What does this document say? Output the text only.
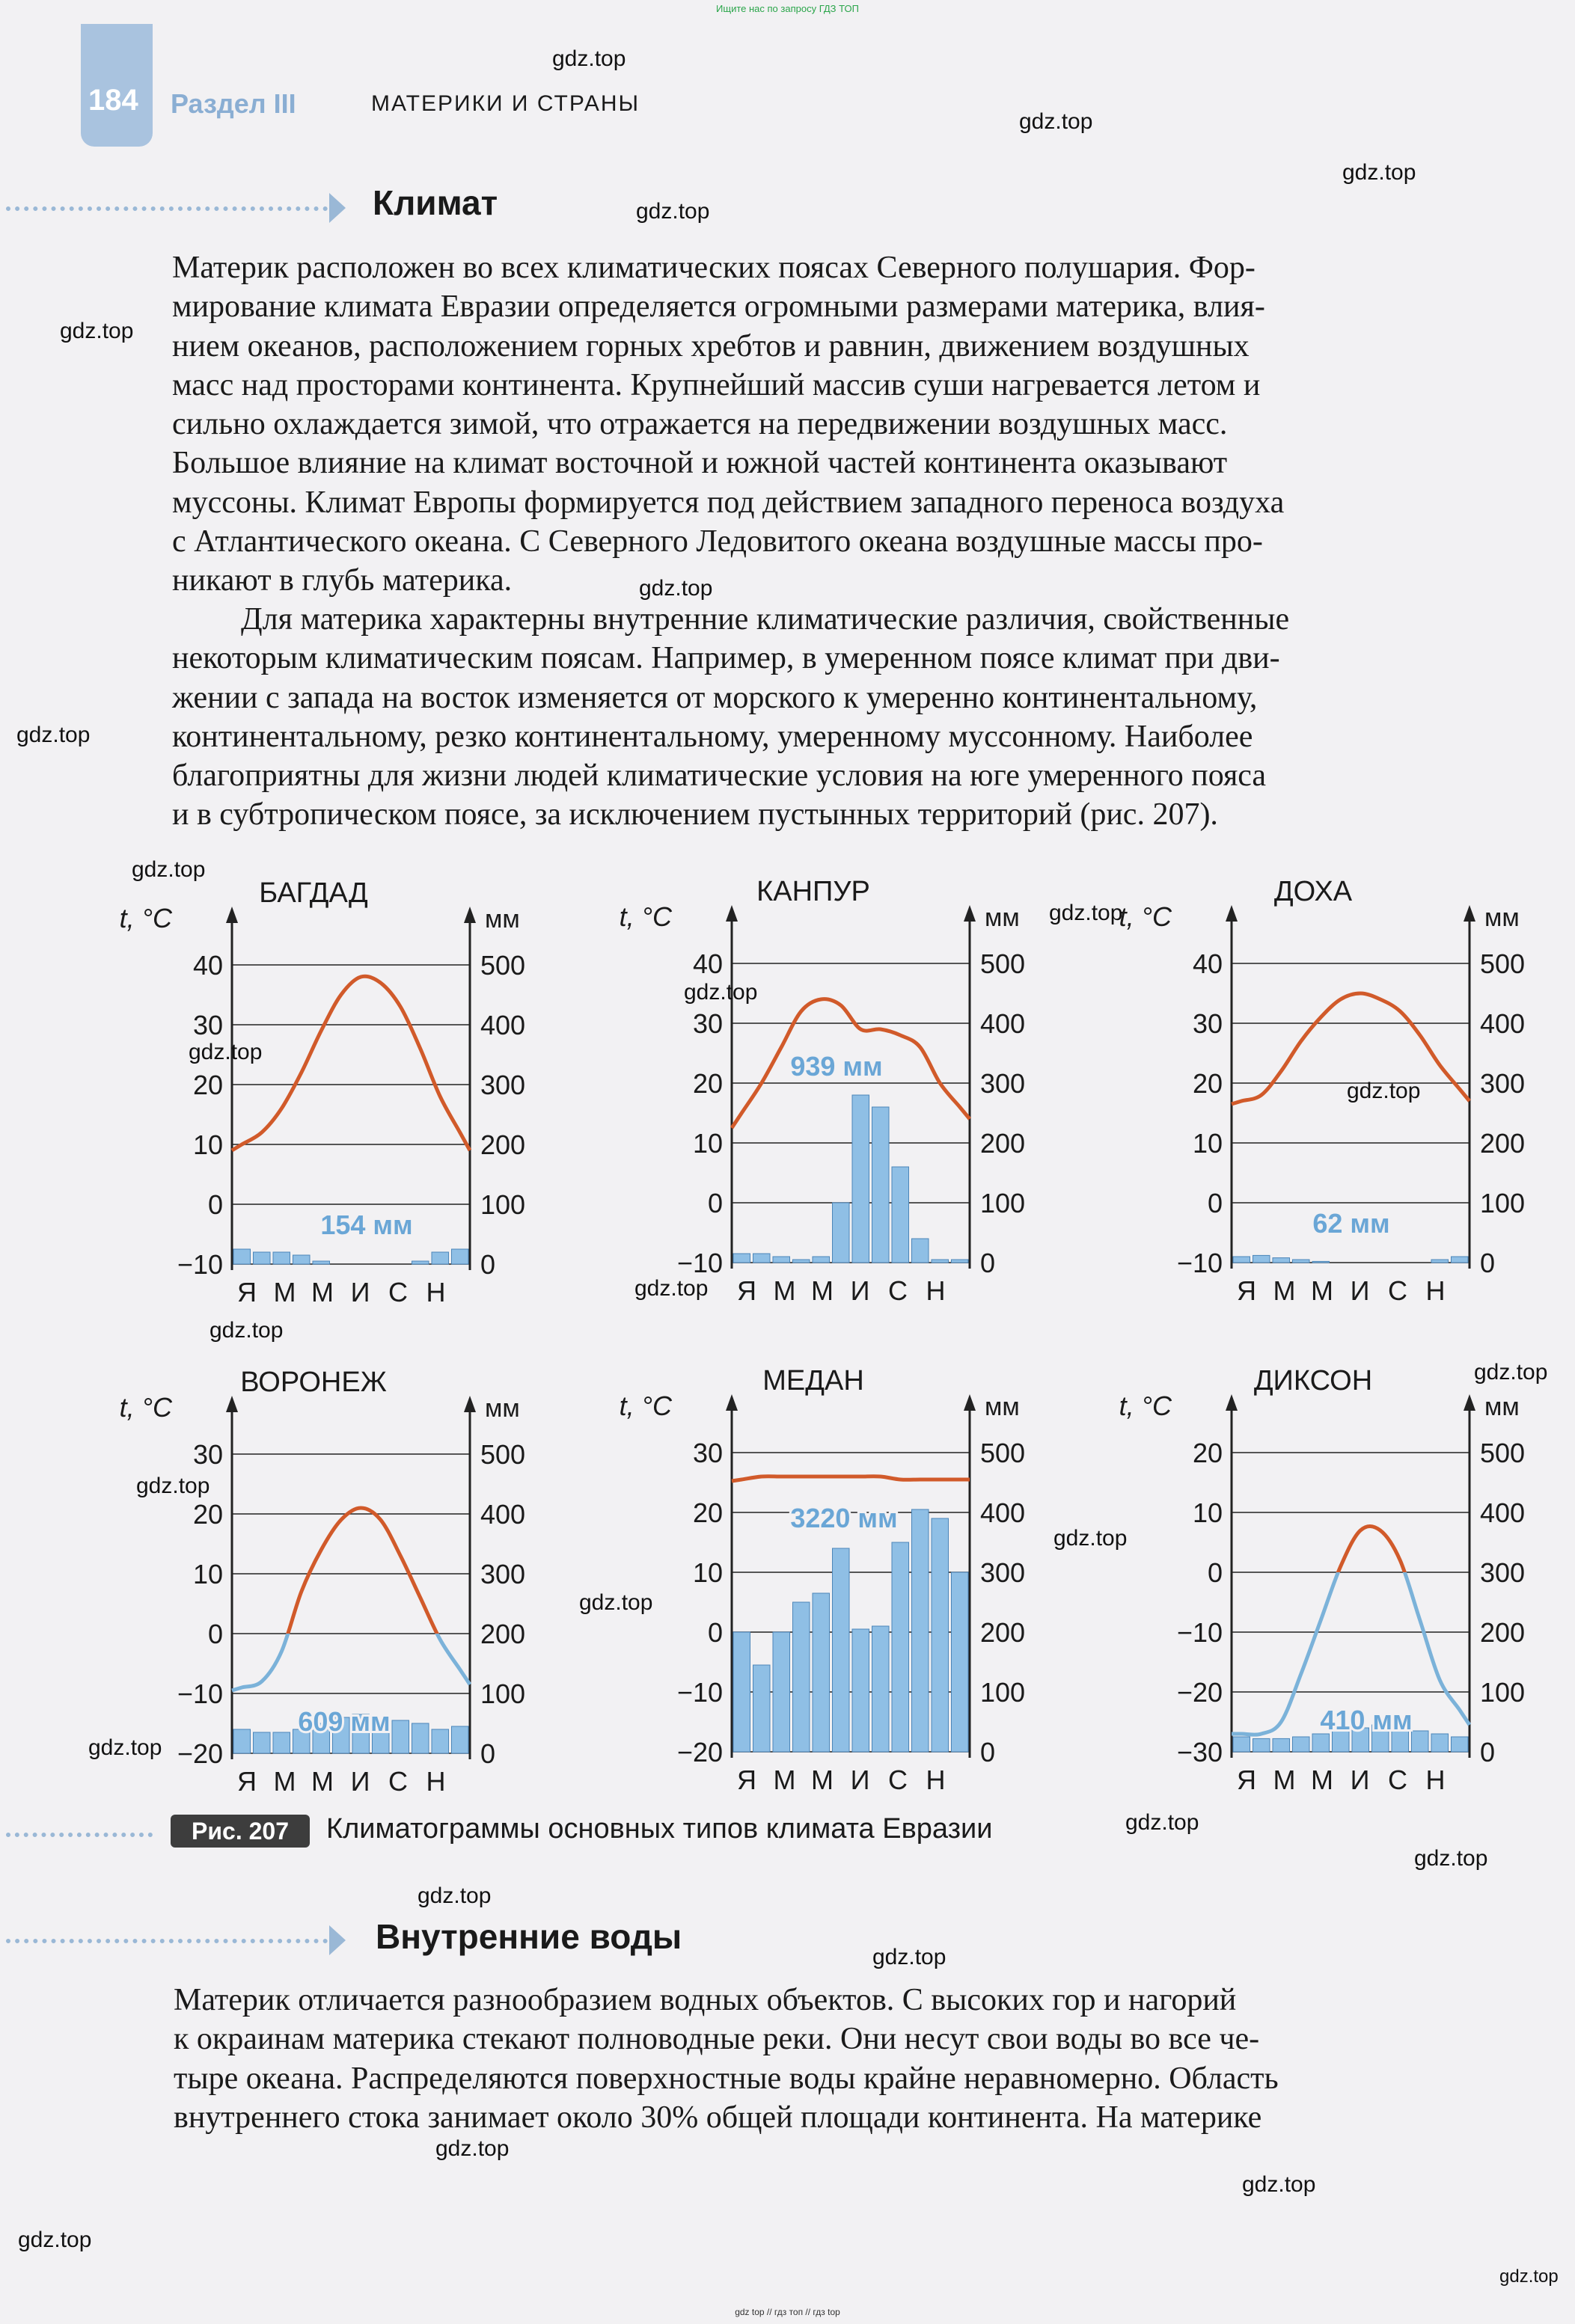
Ищите нас по запросу ГДЗ ТОП
184 Раздел III	МАТЕРИКИ И СТРАНЫ
Климат
Материк расположен во всех климатических поясах Северного полушария. Фор-
мирование климата Евразии определяется огромными размерами материка, влия-
нием океанов, расположением горных хребтов и равнин, движением воздушных
масс над просторами континента. Крупнейший массив суши нагревается летом и
сильно охлаждается зимой, что отражается на передвижении воздушных масс.
Большое влияние на климат восточной и южной частей континента оказывают
муссоны. Климат Европы формируется под действием западного переноса воздуха
с Атлантического океана. С Северного Ледовитого океана воздушные массы про-
никают в глубь материка.
Для материка характерны внутренние климатические различия, свойственные
некоторым климатическим поясам. Например, в умеренном поясе климат при дви-
жении с запада на восток изменяется от морского к умеренно континентальному,
континентальному, резко континентальному, умеренному муссонному. Наиболее
благоприятны для жизни людей климатические условия на юге умеренного пояса
и в субтропическом поясе, за исключением пустынных территорий (рис. 207).
БАГДАД
t, °C	мм
40
30
20
10
0
−10
500
400
300
200
100
0
Я М М И С Н
154 мм
КАНПУР
t, °C	мм
40
30
20
10
0
−10
500
400
300
200
100
0
Я М М И С Н
939 мм
ДОХА
t, °C	мм
40
30
20
10
0
−10
500
400
300
200
100
0
Я М М И С Н
62 мм
ВОРОНЕЖ
t, °C	мм
30
20
10
0
−10
−20
500
400
300
200
100
0
Я М М И С Н
609 мм
МЕДАН
t, °C	мм
30
20
10
0
−10
−20
500
400
300
200
100
0
Я М М И С Н
3220 мм
ДИКСОН
t, °C	мм
20
10
0
−10
−20
−30
500
400
300
200
100
0
Я М М И С Н
410 мм
Рис. 207	Климатограммы основных типов климата Евразии
Внутренние воды
Материк отличается разнообразием водных объектов. С высоких гор и нагорий
к окраинам материка стекают полноводные реки. Они несут свои воды во все че-
тыре океана. Распределяются поверхностные воды крайне неравномерно. Область
внутреннего стока занимает около 30% общей площади континента. На материке
gdz.top
gdz.top
gdz.top
gdz.top
gdz.top
gdz.top
gdz.top
gdz.top
gdz.top
gdz.top
gdz.top
gdz.top
gdz.top
gdz.top
gdz.top
gdz.top
gdz.top
gdz.top
gdz.top
gdz.top
gdz.top
gdz.top
gdz.top
gdz.top
gdz.top
gdz.top
gdz.top
gdz top // гдз топ // гдз top
